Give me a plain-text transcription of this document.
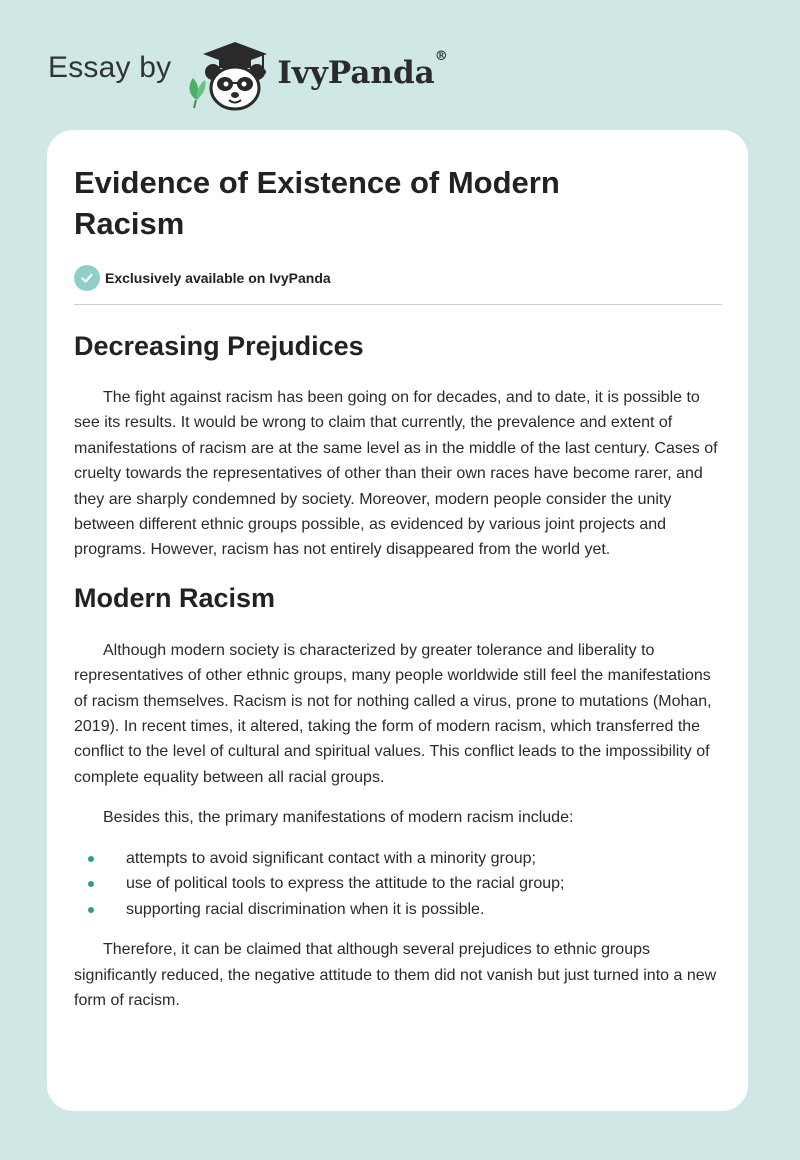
Essay by	IvyPanda®
Evidence of Existence of Modern Racism
Exclusively available on IvyPanda
Decreasing Prejudices

The fight against racism has been going on for decades, and to date, it is possible to see its results. It would be wrong to claim that currently, the prevalence and extent of manifestations of racism are at the same level as in the middle of the last century. Cases of cruelty towards the representatives of other than their own races have become rarer, and they are sharply condemned by society. Moreover, modern people consider the unity between different ethnic groups possible, as evidenced by various joint projects and programs. However, racism has not entirely disappeared from the world yet.

Modern Racism

Although modern society is characterized by greater tolerance and liberality to representatives of other ethnic groups, many people worldwide still feel the manifestations of racism themselves. Racism is not for nothing called a virus, prone to mutations (Mohan, 2019). In recent times, it altered, taking the form of modern racism, which transferred the conflict to the level of cultural and spiritual values. This conflict leads to the impossibility of complete equality between all racial groups.

Besides this, the primary manifestations of modern racism include:

attempts to avoid significant contact with a minority group;
use of political tools to express the attitude to the racial group;
supporting racial discrimination when it is possible.

Therefore, it can be claimed that although several prejudices to ethnic groups significantly reduced, the negative attitude to them did not vanish but just turned into a new form of racism.
